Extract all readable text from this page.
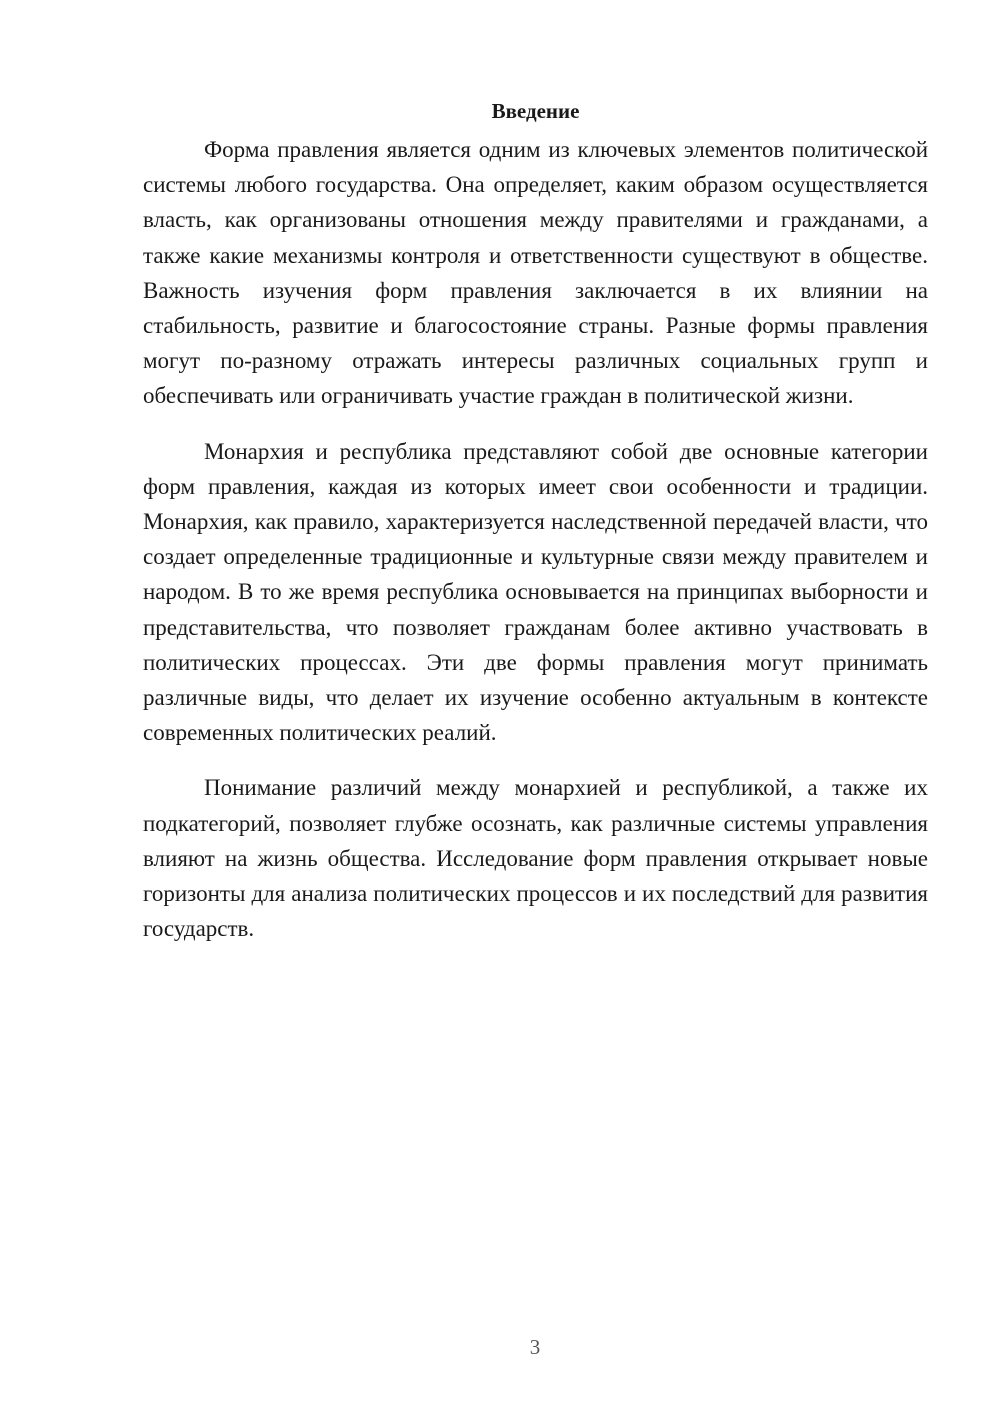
Введение

Форма правления является одним из ключевых элементов политической системы любого государства. Она определяет, каким образом осуществляется власть, как организованы отношения между правителями и гражданами, а также какие механизмы контроля и ответственности существуют в обществе. Важность изучения форм правления заключается в их влиянии на стабильность, развитие и благосостояние страны. Разные формы правления могут по-разному отражать интересы различных социальных групп и обеспечивать или ограничивать участие граждан в политической жизни.

Монархия и республика представляют собой две основные категории форм правления, каждая из которых имеет свои особенности и традиции. Монархия, как правило, характеризуется наследственной передачей власти, что создает определенные традиционные и культурные связи между правителем и народом. В то же время республика основывается на принципах выборности и представительства, что позволяет гражданам более активно участвовать в политических процессах. Эти две формы правления могут принимать различные виды, что делает их изучение особенно актуальным в контексте современных политических реалий.

Понимание различий между монархией и республикой, а также их подкатегорий, позволяет глубже осознать, как различные системы управления влияют на жизнь общества. Исследование форм правления открывает новые горизонты для анализа политических процессов и их последствий для развития государств.

3
